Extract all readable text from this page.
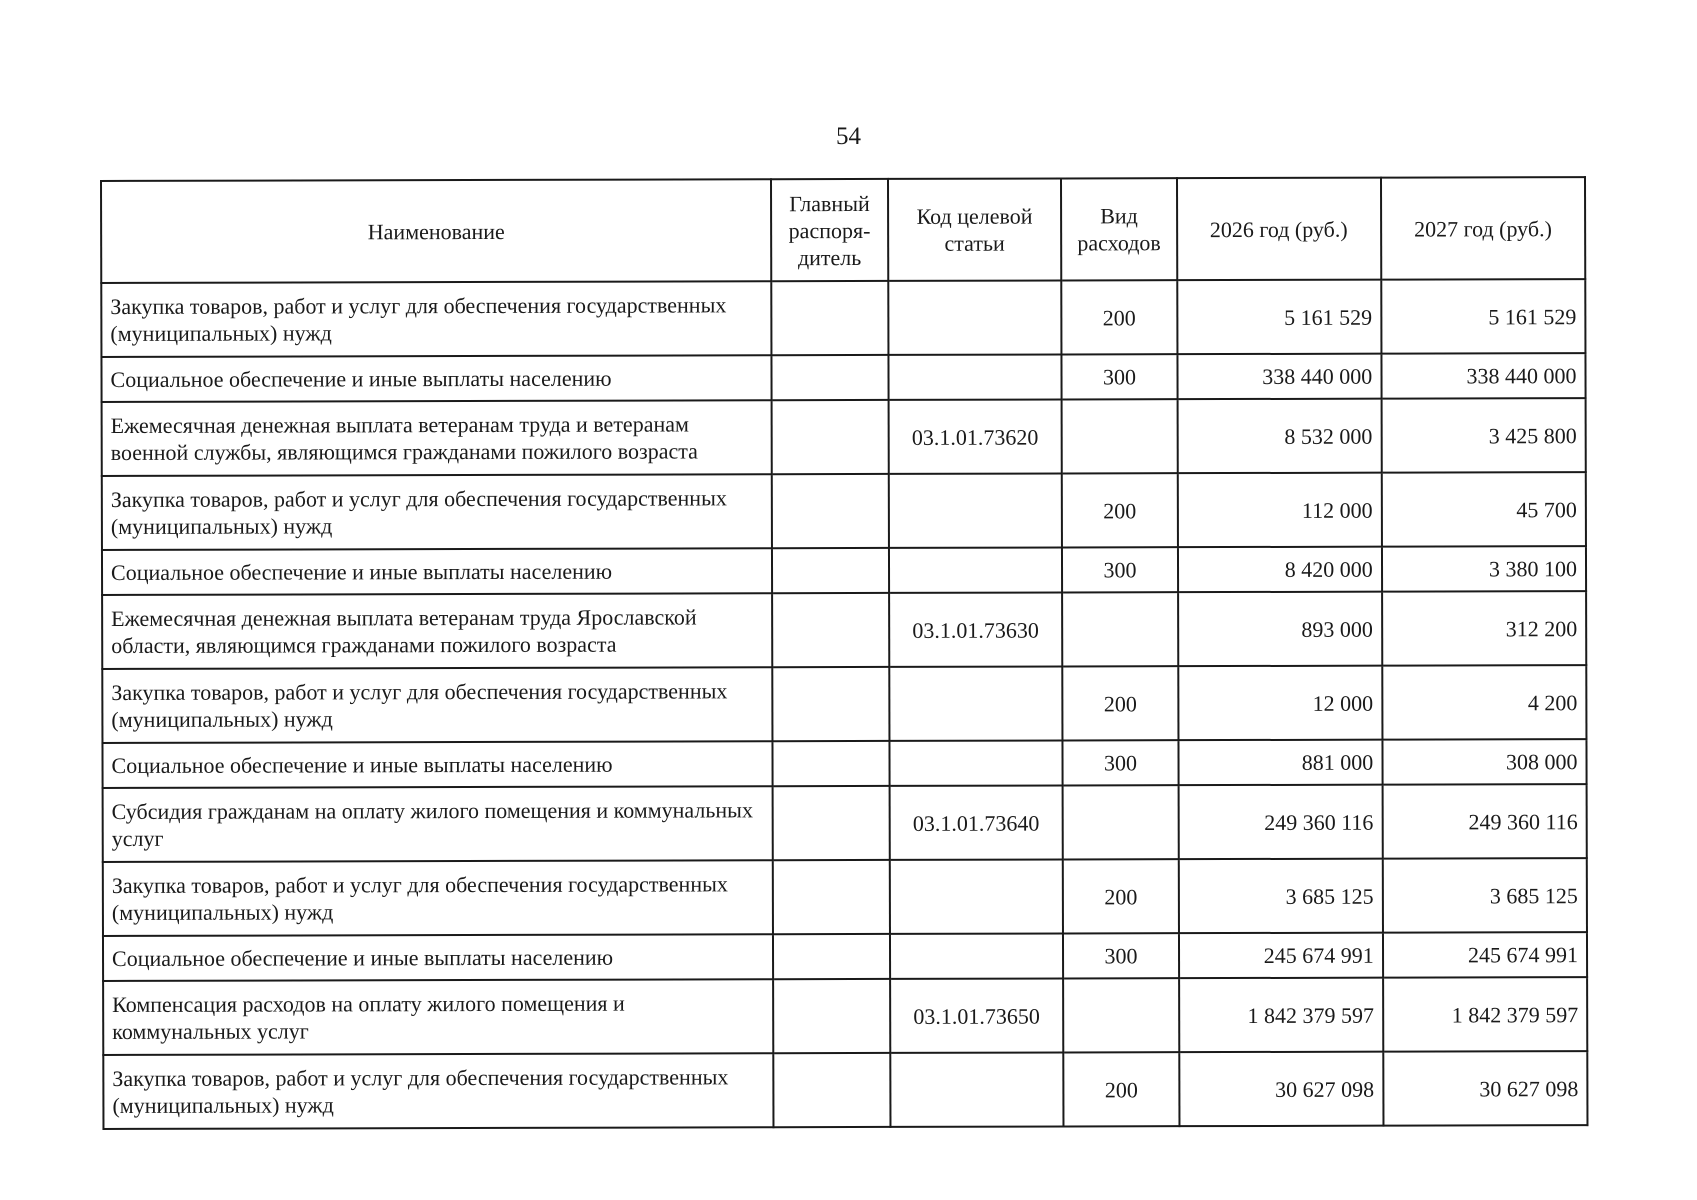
54
Наименование	Главный распоря-дитель	Код целевой статьи	Вид расходов	2026 год (руб.)	2027 год (руб.)
Закупка товаров, работ и услуг для обеспечения государственных (муниципальных) нужд			200	5 161 529	5 161 529
Социальное обеспечение и иные выплаты населению			300	338 440 000	338 440 000
Ежемесячная денежная выплата ветеранам труда и ветеранам военной службы, являющимся гражданами пожилого возраста		03.1.01.73620		8 532 000	3 425 800
Закупка товаров, работ и услуг для обеспечения государственных (муниципальных) нужд			200	112 000	45 700
Социальное обеспечение и иные выплаты населению			300	8 420 000	3 380 100
Ежемесячная денежная выплата ветеранам труда Ярославской области, являющимся гражданами пожилого возраста		03.1.01.73630		893 000	312 200
Закупка товаров, работ и услуг для обеспечения государственных (муниципальных) нужд			200	12 000	4 200
Социальное обеспечение и иные выплаты населению			300	881 000	308 000
Субсидия гражданам на оплату жилого помещения и коммунальных услуг		03.1.01.73640		249 360 116	249 360 116
Закупка товаров, работ и услуг для обеспечения государственных (муниципальных) нужд			200	3 685 125	3 685 125
Социальное обеспечение и иные выплаты населению			300	245 674 991	245 674 991
Компенсация расходов на оплату жилого помещения и коммунальных услуг		03.1.01.73650		1 842 379 597	1 842 379 597
Закупка товаров, работ и услуг для обеспечения государственных (муниципальных) нужд			200	30 627 098	30 627 098
